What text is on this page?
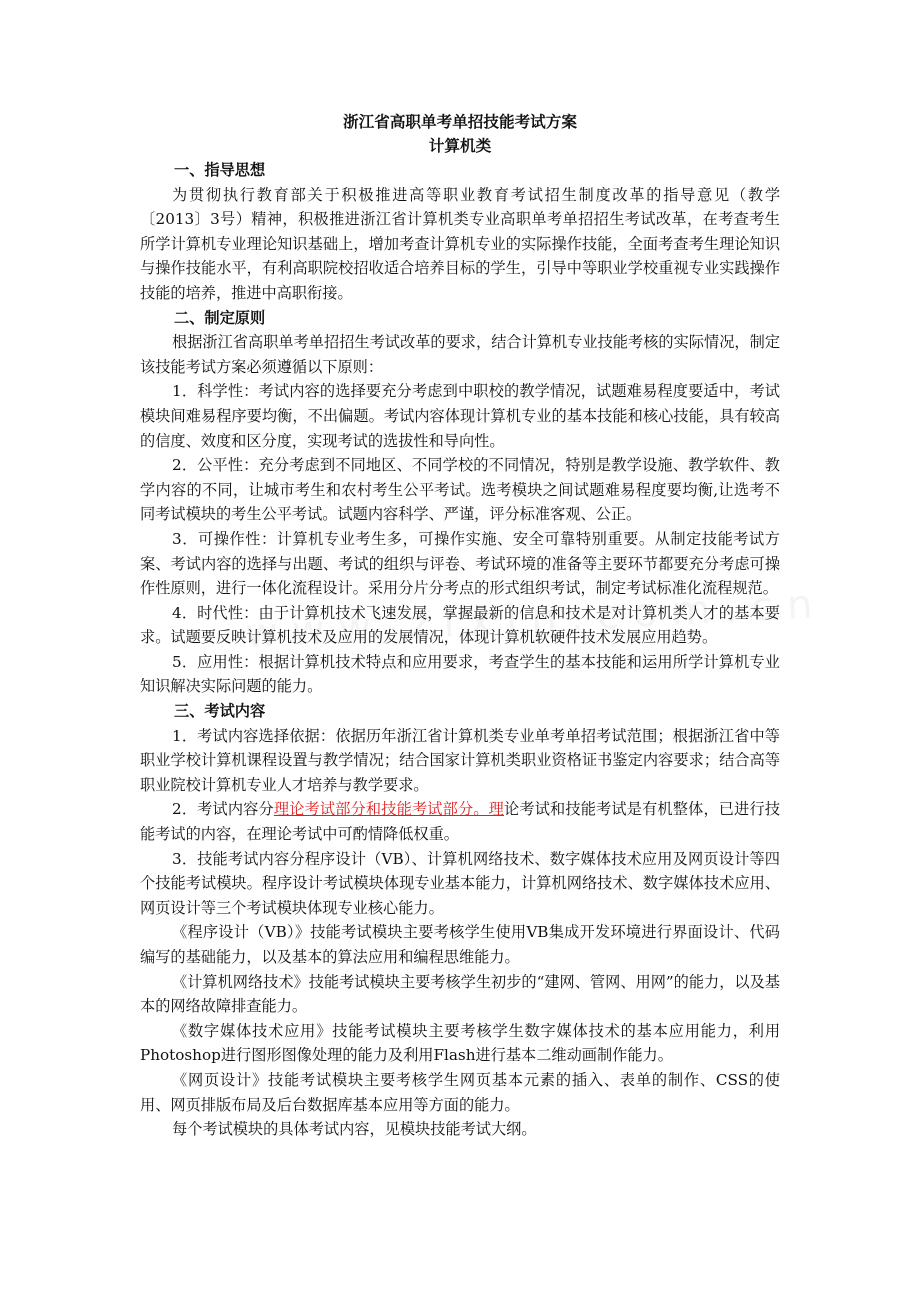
浙江省高职单考单招技能考试方案
计算机类
一、指导思想

为贯彻执行教育部关于积极推进高等职业教育考试招生制度改革的指导意见（教学〔2013〕3号）精神，积极推进浙江省计算机类专业高职单考单招招生考试改革，在考查考生所学计算机专业理论知识基础上，增加考查计算机专业的实际操作技能，全面考查考生理论知识与操作技能水平，有利高职院校招收适合培养目标的学生，引导中等职业学校重视专业实践操作技能的培养，推进中高职衔接。

二、制定原则

根据浙江省高职单考单招招生考试改革的要求，结合计算机专业技能考核的实际情况，制定该技能考试方案必须遵循以下原则：

1．科学性：考试内容的选择要充分考虑到中职校的教学情况，试题难易程度要适中，考试模块间难易程序要均衡，不出偏题。考试内容体现计算机专业的基本技能和核心技能，具有较高的信度、效度和区分度，实现考试的选拔性和导向性。

2．公平性：充分考虑到不同地区、不同学校的不同情况，特别是教学设施、教学软件、教学内容的不同，让城市考生和农村考生公平考试。选考模块之间试题难易程度要均衡,让选考不同考试模块的考生公平考试。试题内容科学、严谨，评分标准客观、公正。

3．可操作性：计算机专业考生多，可操作实施、安全可靠特别重要。从制定技能考试方案、考试内容的选择与出题、考试的组织与评卷、考试环境的准备等主要环节都要充分考虑可操作性原则，进行一体化流程设计。采用分片分考点的形式组织考试，制定考试标准化流程规范。

4．时代性：由于计算机技术飞速发展，掌握最新的信息和技术是对计算机类人才的基本要求。试题要反映计算机技术及应用的发展情况，体现计算机软硬件技术发展应用趋势。

5．应用性：根据计算机技术特点和应用要求，考查学生的基本技能和运用所学计算机专业知识解决实际问题的能力。

三、考试内容

1．考试内容选择依据：依据历年浙江省计算机类专业单考单招考试范围；根据浙江省中等职业学校计算机课程设置与教学情况；结合国家计算机类职业资格证书鉴定内容要求；结合高等职业院校计算机专业人才培养与教学要求。

2．考试内容分理论考试部分和技能考试部分。理论考试和技能考试是有机整体，已进行技能考试的内容，在理论考试中可酌情降低权重。

3．技能考试内容分程序设计（VB）、计算机网络技术、数字媒体技术应用及网页设计等四个技能考试模块。程序设计考试模块体现专业基本能力，计算机网络技术、数字媒体技术应用、网页设计等三个考试模块体现专业核心能力。

《程序设计（VB）》技能考试模块主要考核学生使用VB集成开发环境进行界面设计、代码编写的基础能力，以及基本的算法应用和编程思维能力。

《计算机网络技术》技能考试模块主要考核学生初步的“建网、管网、用网”的能力，以及基本的网络故障排查能力。

《数字媒体技术应用》技能考试模块主要考核学生数字媒体技术的基本应用能力，利用Photoshop进行图形图像处理的能力及利用Flash进行基本二维动画制作能力。

《网页设计》技能考试模块主要考核学生网页基本元素的插入、表单的制作、CSS的使用、网页排版布局及后台数据库基本应用等方面的能力。

每个考试模块的具体考试内容，见模块技能考试大纲。
